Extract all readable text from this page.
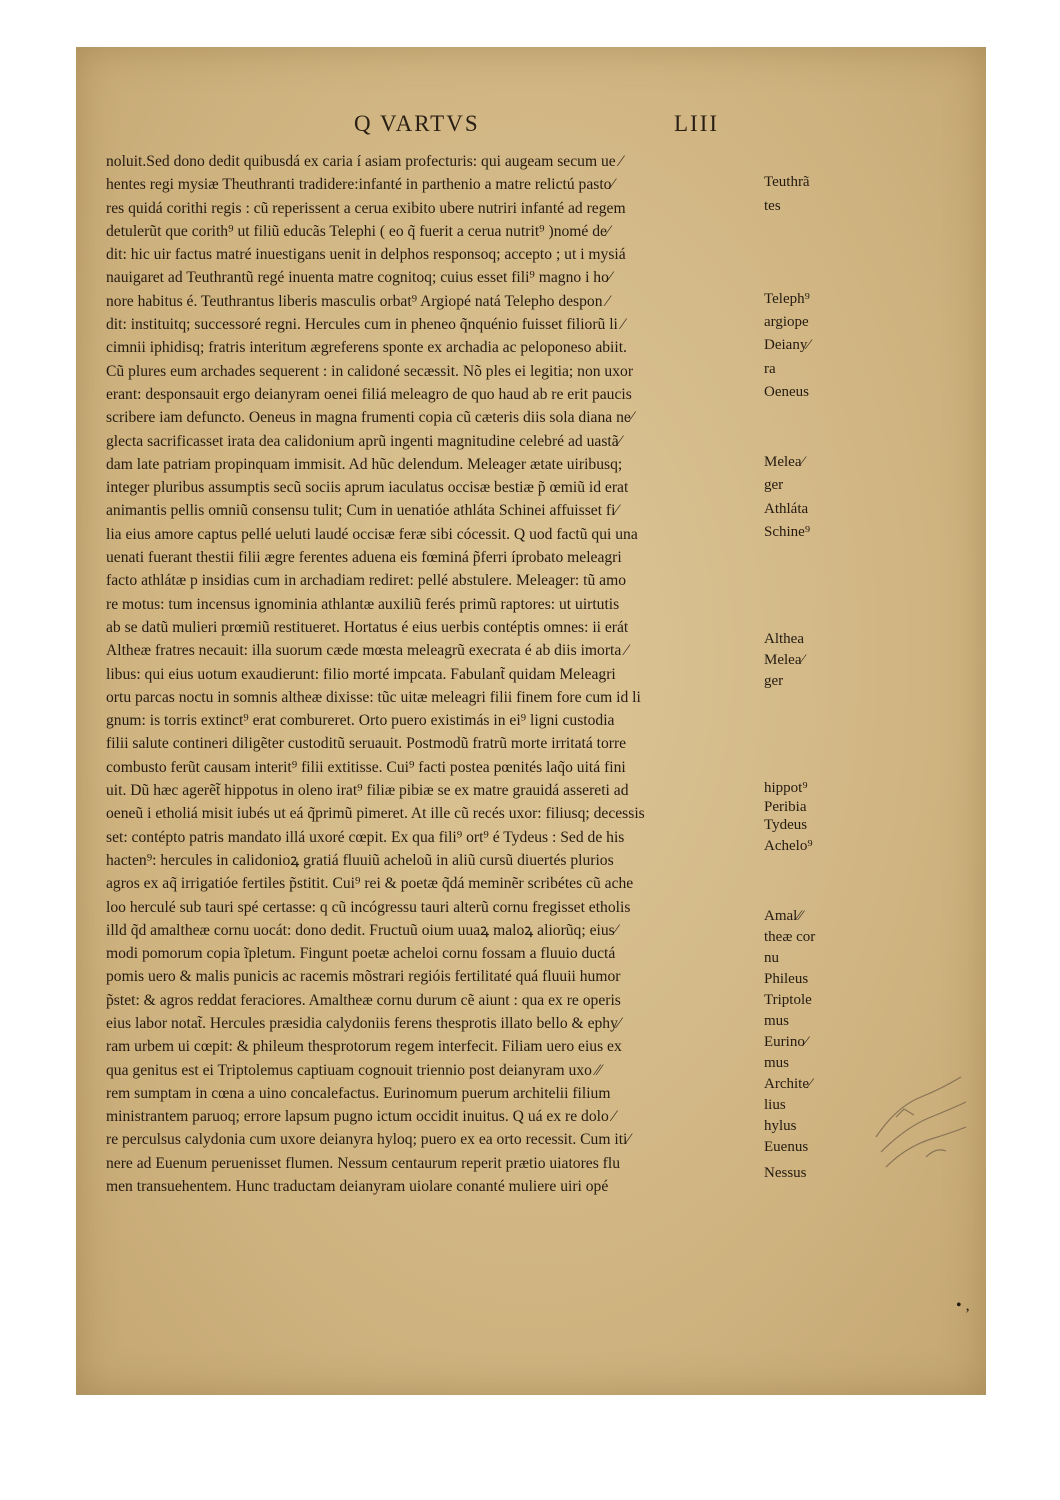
Q VARTVS	LIII
noluit.Sed dono dedit quibusdá ex caria í asiam profecturis: qui augeam secum ue ⁄
hentes regi mysiæ Theuthranti tradidere:infanté in parthenio a matre relictú pasto⁄
res quidá corithi regis : cũ reperissent a cerua exibito ubere nutriri infanté ad regem
detulerũt que corith⁹ ut filiũ educãs Telephi ( eo q̃ fuerit a cerua nutrit⁹ )nomé de⁄
dit: hic uir factus matré inuestigans uenit in delphos responsoq; accepto ; ut i mysiá
nauigaret ad Teuthrantũ regé inuenta matre cognitoq; cuius esset fili⁹ magno i ho⁄
nore habitus é. Teuthrantus liberis masculis orbat⁹ Argiopé natá Telepho despon ⁄
dit: instituitq; successoré regni. Hercules cum in pheneo q̃nquénio fuisset filiorũ li ⁄
cimnii iphidisq; fratris interitum ægreferens sponte ex archadia ac peloponeso abiit.
Cũ plures eum archades sequerent : in calidoné secæssit. Nõ ples ei legitia; non uxor
erant: desponsauit ergo deianyram oenei filiá meleagro de quo haud ab re erit paucis
scribere iam defuncto. Oeneus in magna frumenti copia cũ cæteris diis sola diana ne⁄
glecta sacrificasset irata dea calidonium aprũ ingenti magnitudine celebré ad uastã⁄
dam late patriam propinquam immisit. Ad hũc delendum. Meleager ætate uiribusq;
integer pluribus assumptis secũ sociis aprum iaculatus occisæ bestiæ p̃ œmiũ id erat
animantis pellis omniũ consensu tulit; Cum in uenatióe athláta Schinei affuisset fi⁄
lia eius amore captus pellé ueluti laudé occisæ feræ sibi cócessit. Q uod factũ qui una
uenati fuerant thestii filii ægre ferentes aduena eis fœminá p̃ferri íprobato meleagri
facto athlátæ p insidias cum in archadiam rediret: pellé abstulere. Meleager: tũ amo
re motus: tum incensus ignominia athlantæ auxiliũ ferés primũ raptores: ut uirtutis
ab se datũ mulieri prœmiũ restitueret. Hortatus é eius uerbis contéptis omnes: ii erát
Altheæ fratres necauit: illa suorum cæde mœsta meleagrũ execrata é ab diis imorta ⁄
libus: qui eius uotum exaudierunt: filio morté impcata. Fabulant̃ quidam Meleagri
ortu parcas noctu in somnis altheæ dixisse: tũc uitæ meleagri filii finem fore cum id li
gnum: is torris extinct⁹ erat combureret. Orto puero existimás in ei⁹ ligni custodia
filii salute contineri diligẽter custoditũ seruauit. Postmodũ fratrũ morte irritatá torre
combusto ferũt causam interit⁹ filii extitisse. Cui⁹ facti postea pœnités laq̃o uitá fini
uit. Dũ hæc agerẽt̃ hippotus in oleno irat⁹ filiæ pibiæ se ex matre grauidá assereti ad
oeneũ i etholiá misit iubés ut eá q̃primũ pimeret. At ille cũ recés uxor: filiusq; decessis
set: contépto patris mandato illá uxoré cœpit. Ex qua fili⁹ ort⁹ é Tydeus : Sed de his
hacten⁹: hercules in calidonioꝝ gratiá fluuiũ acheloũ in aliũ cursũ diuertés plurios
agros ex aq̃ irrigatióe fertiles p̃stitit. Cui⁹ rei & poetæ q̃dá meminẽr scribétes cũ ache
loo herculé sub tauri spé certasse: q cũ incógressu tauri alterũ cornu fregisset etholis
illd q̃d amaltheæ cornu uocát: dono dedit. Fructuũ oium uuaꝝ maloꝝ aliorũq; eius⁄
modi pomorum copia ĩpletum. Fingunt poetæ acheloi cornu fossam a fluuio ductá
pomis uero & malis punicis ac racemis mõstrari regióis fertilitaté quá fluuii humor
p̃stet: & agros reddat feraciores. Amaltheæ cornu durum cẽ aiunt : qua ex re operis
eius labor notat̃. Hercules præsidia calydoniis ferens thesprotis illato bello & ephy⁄
ram urbem ui cœpit: & phileum thesprotorum regem interfecit. Filiam uero eius ex
qua genitus est ei Triptolemus captiuam cognouit triennio post deianyram uxo ⁄⁄
rem sumptam in cœna a uino concalefactus. Eurinomum puerum architelii filium
ministrantem paruoq; errore lapsum pugno ictum occidit inuitus. Q uá ex re dolo ⁄
re perculsus calydonia cum uxore deianyra hyloq; puero ex ea orto recessit. Cum iti⁄
nere ad Euenum peruenisset flumen. Nessum centaurum reperit prætio uiatores flu
men transuehentem. Hunc traductam deianyram uiolare conanté muliere uiri opé
Teuthrã
tes
Teleph⁹
argiope
Deiany⁄
ra
Oeneus
Melea⁄
ger
Athláta
Schine⁹
Althea
Melea⁄
ger
hippot⁹
Peribia
Tydeus
Achelo⁹
Amal⁄⁄
theæ cor
nu
Phileus
Triptole
mus
Eurino⁄
mus
Archite⁄
lius
hylus
Euenus
Nessus
• ,
